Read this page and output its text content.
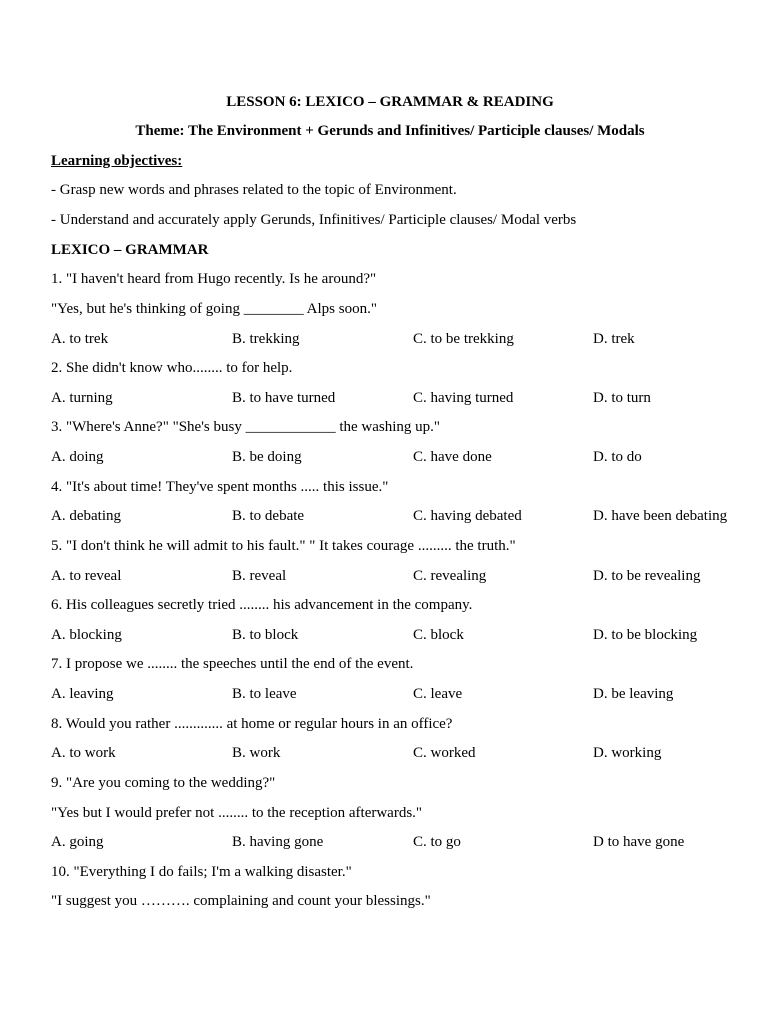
LESSON 6: LEXICO – GRAMMAR & READING
Theme: The Environment + Gerunds and Infinitives/ Participle clauses/ Modals
Learning objectives:
- Grasp new words and phrases related to the topic of Environment.
- Understand and accurately apply Gerunds, Infinitives/ Participle clauses/ Modal verbs
LEXICO – GRAMMAR
1. "I haven't heard from Hugo recently. Is he around?"
"Yes, but he's thinking of going ________ Alps soon."
A. to trek	B. trekking	C. to be trekking	D. trek
2. She didn't know who........ to for help.
A. turning	B. to have turned	C. having turned	D. to turn
3. "Where's Anne?" "She's busy ____________ the washing up."
A. doing	B. be doing	C. have done	D. to do
4. "It's about time! They've spent months ..... this issue."
A. debating	B. to debate	C. having debated	D. have been debating
5. "I don't think he will admit to his fault." " It takes courage ......... the truth."
A. to reveal	B. reveal	C. revealing	D. to be revealing
6. His colleagues secretly tried ........ his advancement in the company.
A. blocking	B. to block	C. block	D. to be blocking
7. I propose we ........ the speeches until the end of the event.
A. leaving	B. to leave	C. leave	D. be leaving
8. Would you rather ............. at home or regular hours in an office?
A. to work	B. work	C. worked	D. working
9. "Are you coming to the wedding?"
"Yes but I would prefer not ........ to the reception afterwards."
A. going	B. having gone	C. to go	D to have gone
10. "Everything I do fails; I'm a walking disaster."
"I suggest you ………. complaining and count your blessings."
